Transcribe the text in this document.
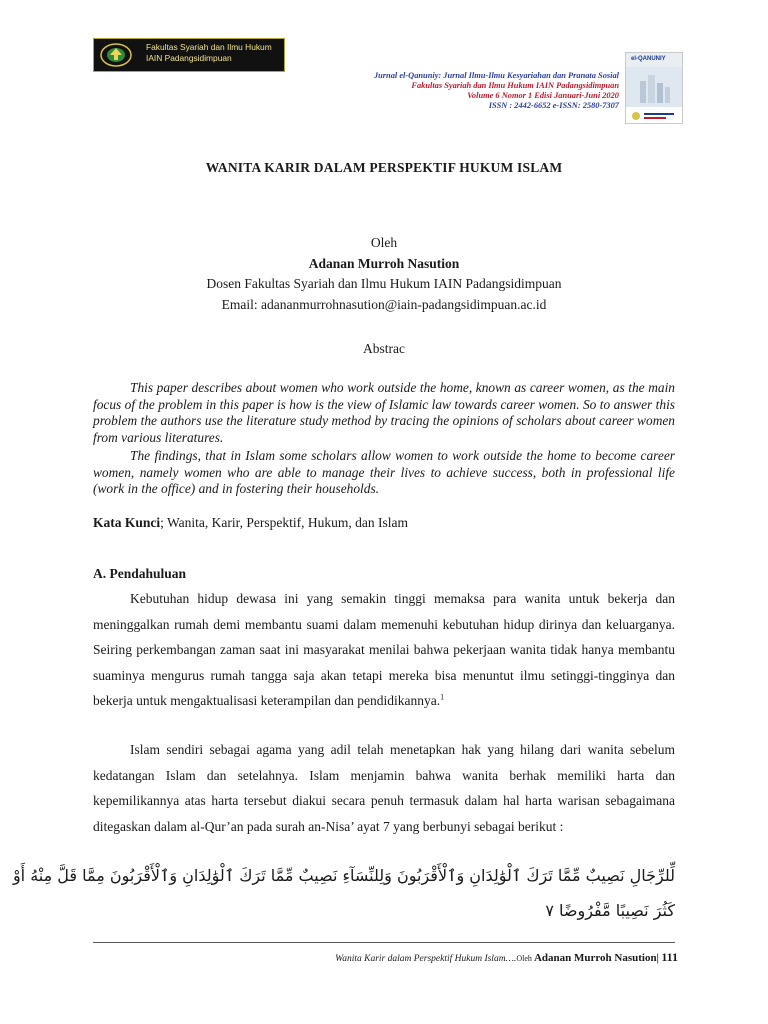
Fakultas Syariah dan Ilmu Hukum
IAIN Padangsidimpuan
Jurnal el-Qanuniy: Jurnal Ilmu-Ilmu Kesyariahan dan Pranata Sosial
Fakultas Syariah dan Ilmu Hukum IAIN Padangsidimpuan
Volume 6 Nomor 1 Edisi Januari-Juni 2020
ISSN : 2442-6652 e-ISSN: 2580-7307
el-QANUNIY
WANITA KARIR DALAM PERSPEKTIF HUKUM ISLAM
Oleh
Adanan Murroh Nasution
Dosen Fakultas Syariah dan Ilmu Hukum IAIN Padangsidimpuan
Email: adananmurrohnasution@iain-padangsidimpuan.ac.id
Abstrac
This paper describes about women who work outside the home, known as career women, as the main focus of the problem in this paper is how is the view of Islamic law towards career women. So to answer this problem the authors use the literature study method by tracing the opinions of scholars about career women from various literatures.
The findings, that in Islam some scholars allow women to work outside the home to become career women, namely women who are able to manage their lives to achieve success, both in professional life (work in the office) and in fostering their households.
Kata Kunci; Wanita, Karir, Perspektif, Hukum, dan Islam
A. Pendahuluan
Kebutuhan hidup dewasa ini yang semakin tinggi memaksa para wanita untuk bekerja dan meninggalkan rumah demi membantu suami dalam memenuhi kebutuhan hidup dirinya dan keluarganya. Seiring perkembangan zaman saat ini masyarakat menilai bahwa pekerjaan wanita tidak hanya membantu suaminya mengurus rumah tangga saja akan tetapi mereka bisa menuntut ilmu setinggi-tingginya dan bekerja untuk mengaktualisasi keterampilan dan pendidikannya.$^1$
Islam sendiri sebagai agama yang adil telah menetapkan hak yang hilang dari wanita sebelum kedatangan Islam dan setelahnya. Islam menjamin bahwa wanita berhak memiliki harta dan kepemilikannya atas harta tersebut diakui secara penuh termasuk dalam hal harta warisan sebagaimana ditegaskan dalam al-Qur’an pada surah an-Nisa’ ayat 7 yang berbunyi sebagai berikut :
لِّلرِّجَالِ نَصِيبٌ مِّمَّا تَرَكَ ٱلْوَٰلِدَانِ وَٱلْأَقْرَبُونَ وَلِلنِّسَآءِ نَصِيبٌ مِّمَّا تَرَكَ ٱلْوَٰلِدَانِ وَٱلْأَقْرَبُونَ مِمَّا قَلَّ مِنْهُ أَوْ
كَثُرَ نَصِيبًا مَّفْرُوضًا ٧
Wanita Karir dalam Perspektif Hukum Islam….Oleh Adanan Murroh Nasution| 111
